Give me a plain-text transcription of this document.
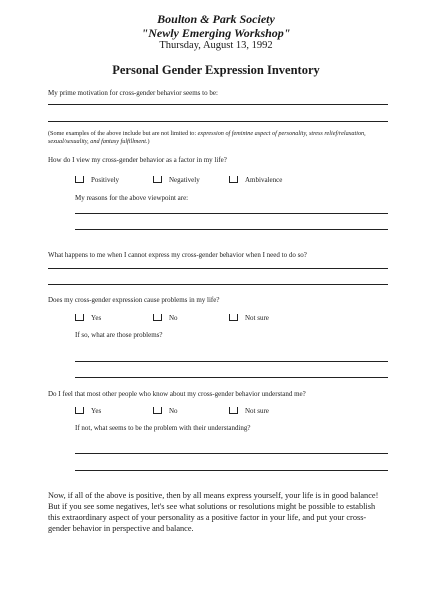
Boulton & Park Society
"Newly Emerging Workshop"
Thursday, August 13, 1992
Personal Gender Expression Inventory
My prime motivation for cross-gender behavior seems to be:
(Some examples of the above include but are not limited to: expression of feminine aspect of personality, stress relief/relaxation, sexual/sexuality, and fantasy fulfillment.)
How do I view my cross-gender behavior as a factor in my life?
Positively	Negatively	Ambivalence
My reasons for the above viewpoint are:
What happens to me when I cannot express my cross-gender behavior when I need to do so?
Does my cross-gender expression cause problems in my life?
Yes	No	Not sure
If so, what are those problems?
Do I feel that most other people who know about my cross-gender behavior understand me?
Yes	No	Not sure
If not, what seems to be the problem with their understanding?
Now, if all of the above is positive, then by all means express yourself, your life is in good balance! But if you see some negatives, let's see what solutions or resolutions might be possible to establish this extraordinary aspect of your personality as a positive factor in your life, and put your cross-gender behavior in perspective and balance.
